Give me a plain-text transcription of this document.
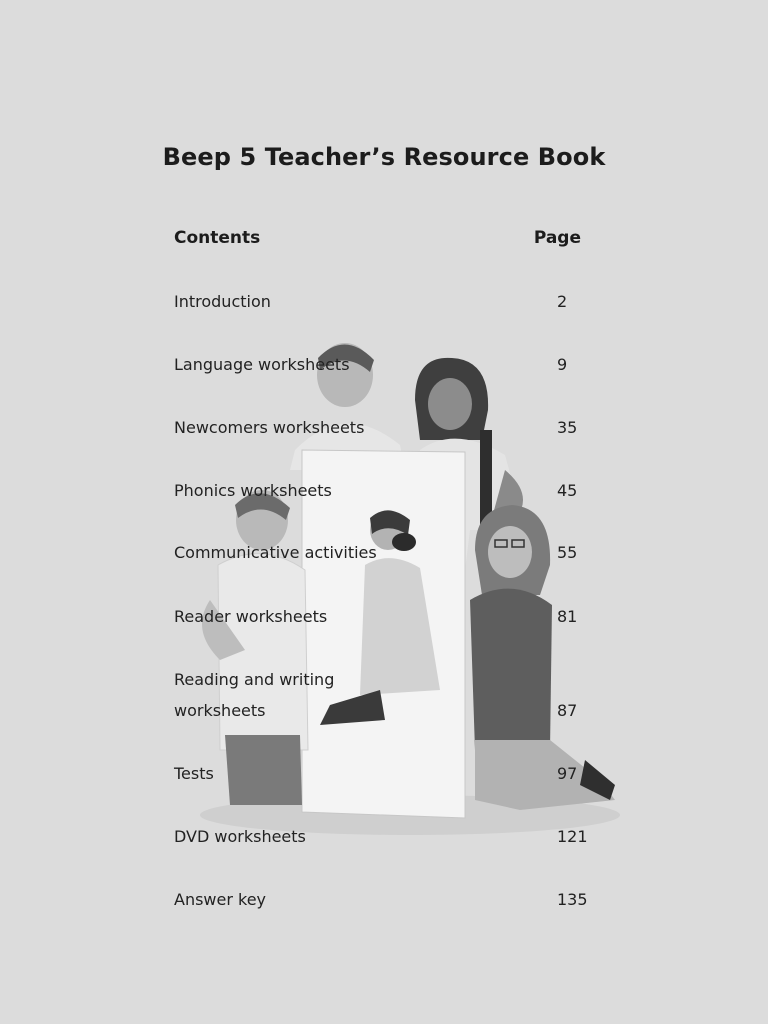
Beep 5 Teacher’s Resource Book
Contents	Page
Introduction	2
Language worksheets	9
Newcomers worksheets	35
Phonics worksheets	45
Communicative activities	55
Reader worksheets	81
Reading and writing
worksheets	87
Tests	97
DVD worksheets	121
Answer key	135
